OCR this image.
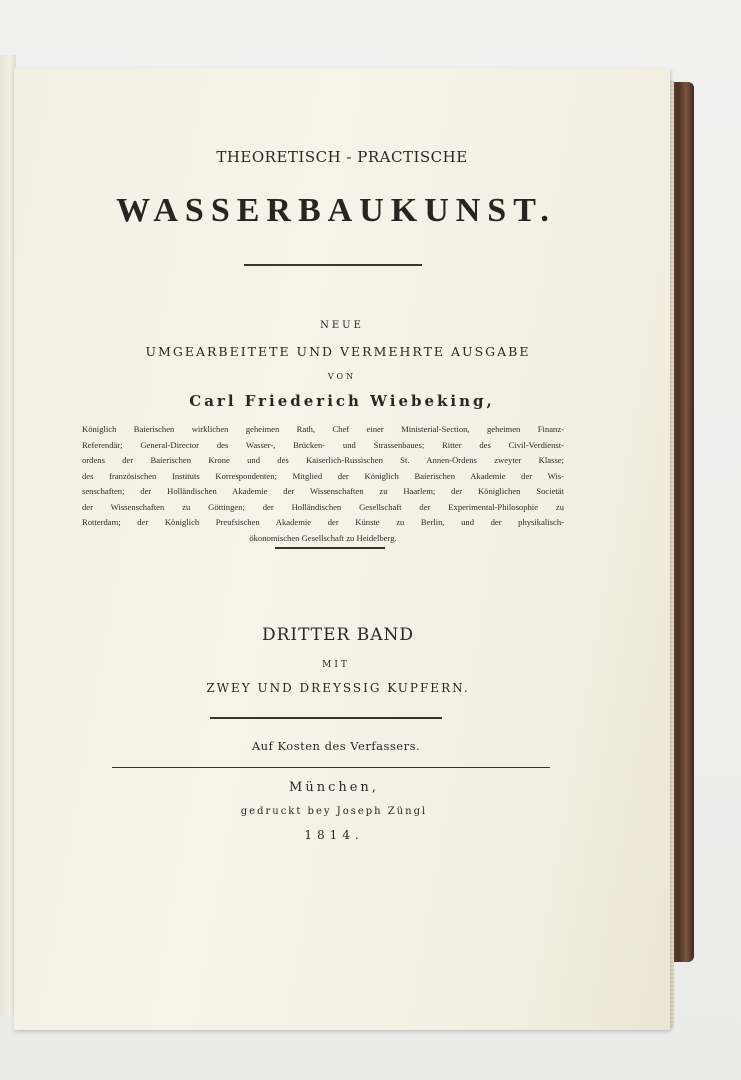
THEORETISCH - PRACTISCHE
WASSERBAUKUNST.
NEUE
UMGEARBEITETE UND VERMEHRTE AUSGABE
VON
Carl Friederich Wiebeking,
Königlich Baierischen wirklichen geheimen Rath, Chef einer Ministerial-Section, geheimen Finanz-
Referendär; General-Director des Wasser-, Brücken- und Strassenbaues; Ritter des Civil-Verdienst-
ordens der Baierischen Krone und des Kaiserlich-Russischen St. Annen-Ordens zweyter Klasse;
des französischen Instituts Korrespondenten; Mitglied der Königlich Baierischen Akademie der Wis-
senschaften; der Holländischen Akademie der Wissenschaften zu Haarlem; der Königlichen Societät
der Wissenschaften zu Göttingen; der Holländischen Gesellschaft der Experimental-Philosophie zu
Rotterdam; der Königlich Preufsischen Akademie der Künste zu Berlin, und der physikalisch-
ökonomischen Gesellschaft zu Heidelberg.
DRITTER BAND
MIT
ZWEY UND DREYSSIG KUPFERN.
Auf Kosten des Verfassers.
München,
gedruckt bey Joseph Züngl
1814.
